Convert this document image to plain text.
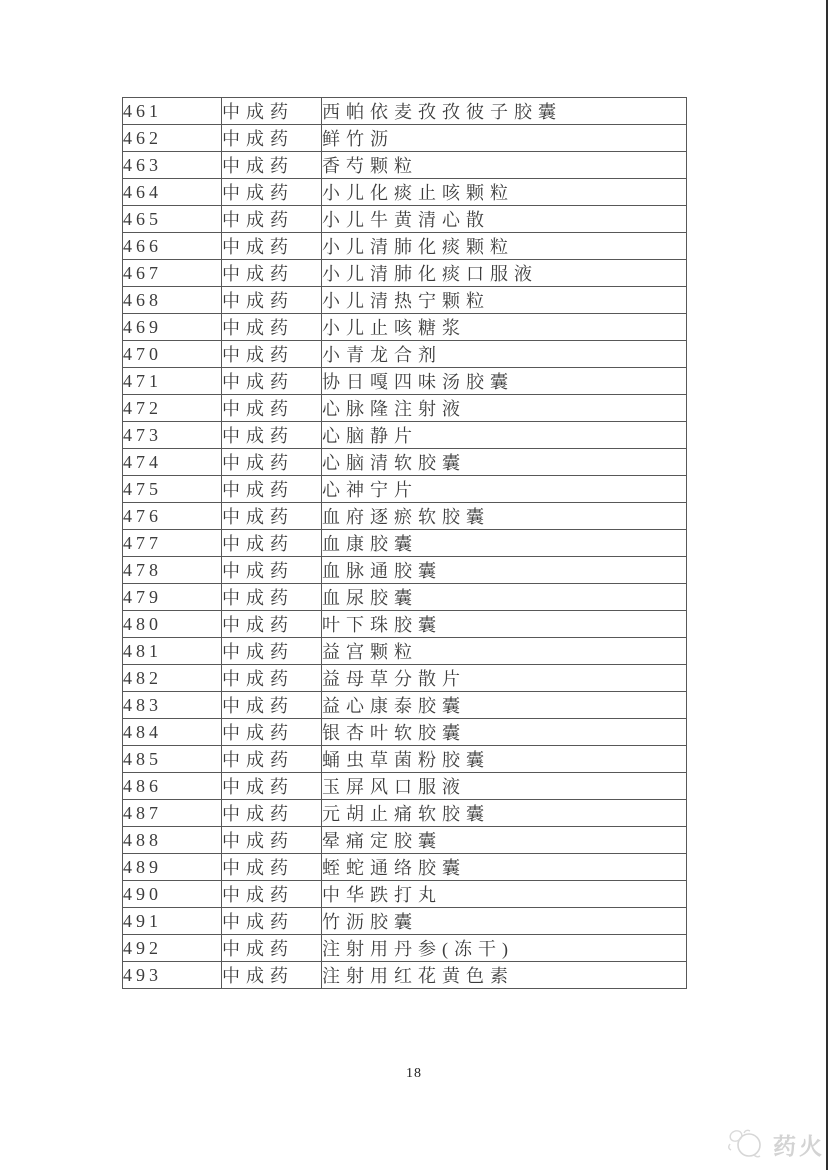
461	中成药	西帕依麦孜孜彼子胶囊
462	中成药	鲜竹沥
463	中成药	香芍颗粒
464	中成药	小儿化痰止咳颗粒
465	中成药	小儿牛黄清心散
466	中成药	小儿清肺化痰颗粒
467	中成药	小儿清肺化痰口服液
468	中成药	小儿清热宁颗粒
469	中成药	小儿止咳糖浆
470	中成药	小青龙合剂
471	中成药	协日嘎四味汤胶囊
472	中成药	心脉隆注射液
473	中成药	心脑静片
474	中成药	心脑清软胶囊
475	中成药	心神宁片
476	中成药	血府逐瘀软胶囊
477	中成药	血康胶囊
478	中成药	血脉通胶囊
479	中成药	血尿胶囊
480	中成药	叶下珠胶囊
481	中成药	益宫颗粒
482	中成药	益母草分散片
483	中成药	益心康泰胶囊
484	中成药	银杏叶软胶囊
485	中成药	蛹虫草菌粉胶囊
486	中成药	玉屏风口服液
487	中成药	元胡止痛软胶囊
488	中成药	晕痛定胶囊
489	中成药	蛭蛇通络胶囊
490	中成药	中华跌打丸
491	中成药	竹沥胶囊
492	中成药	注射用丹参(冻干)
493	中成药	注射用红花黄色素
18
药火
